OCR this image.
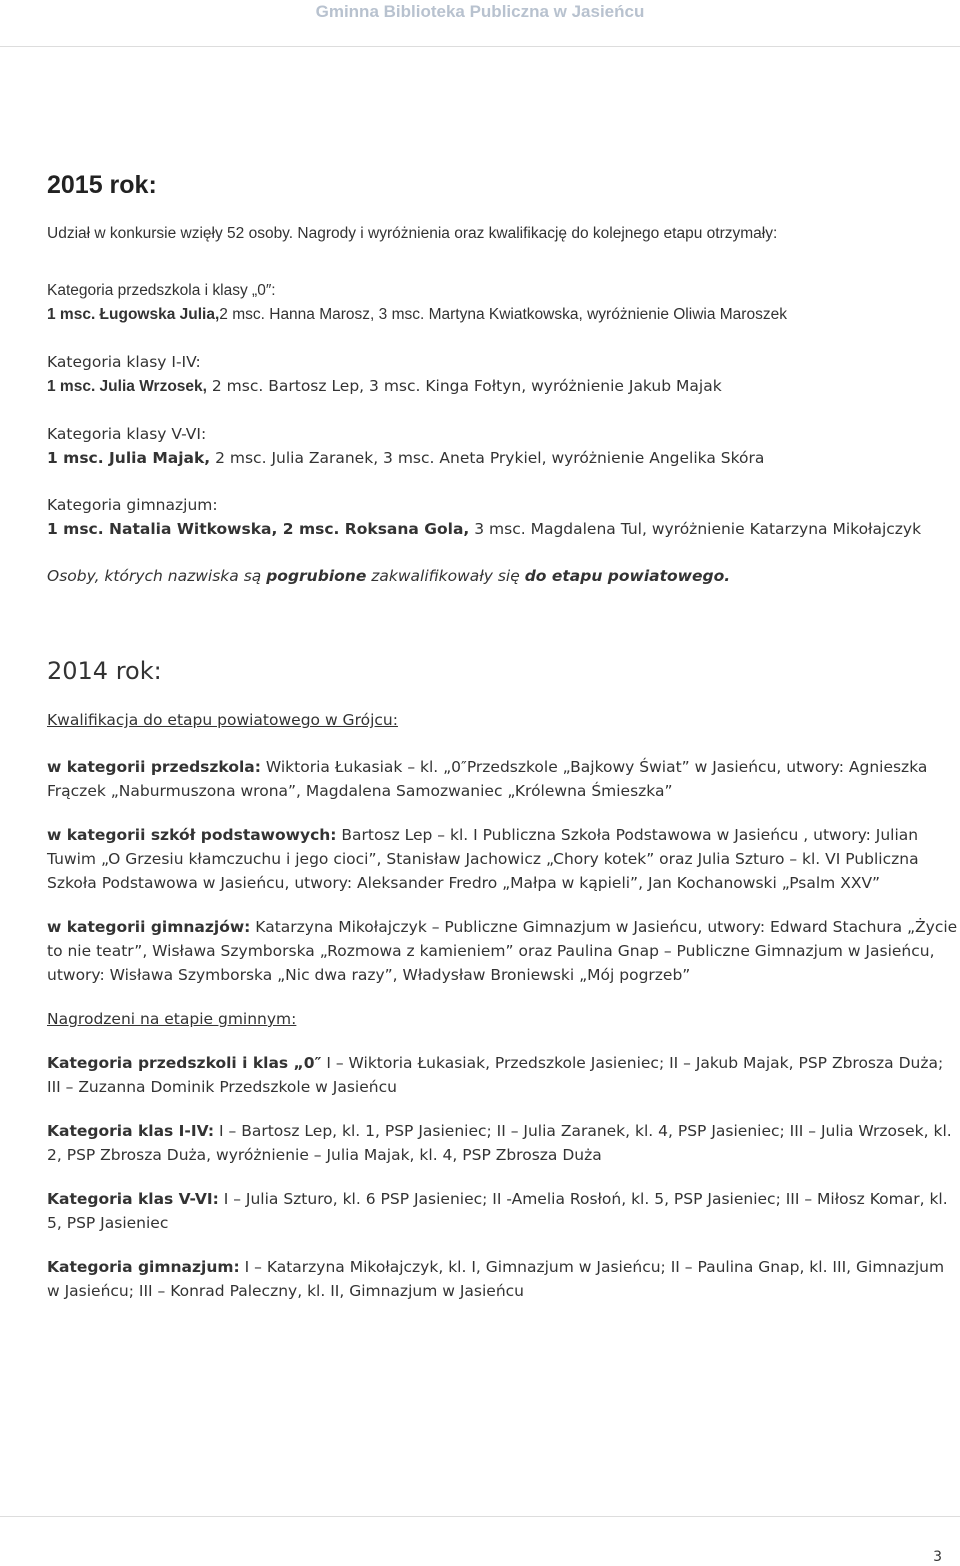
Gminna Biblioteka Publiczna w Jasieńcu
2015 rok:

Udział w konkursie wzięły 52 osoby. Nagrody i wyróżnienia oraz kwalifikację do kolejnego etapu otrzymały:

Kategoria przedszkola i klasy „0″:

1 msc. Ługowska Julia,2 msc. Hanna Marosz, 3 msc. Martyna Kwiatkowska, wyróżnienie Oliwia Maroszek

Kategoria klasy I-IV:

1 msc. Julia Wrzosek, 2 msc. Bartosz Lep, 3 msc. Kinga Fołtyn, wyróżnienie Jakub Majak

Kategoria klasy V-VI:

1 msc. Julia Majak, 2 msc. Julia Zaranek, 3 msc. Aneta Prykiel, wyróżnienie Angelika Skóra

Kategoria gimnazjum:

1 msc. Natalia Witkowska, 2 msc. Roksana Gola, 3 msc. Magdalena Tul, wyróżnienie Katarzyna Mikołajczyk

Osoby, których nazwiska są pogrubione zakwalifikowały się do etapu powiatowego.

2014 rok:

Kwalifikacja do etapu powiatowego w Grójcu:

w kategorii przedszkola: Wiktoria Łukasiak – kl. „0″Przedszkole „Bajkowy Świat” w Jasieńcu, utwory: Agnieszka Frączek „Naburmuszona wrona”, Magdalena Samozwaniec „Królewna Śmieszka”

w kategorii szkół podstawowych: Bartosz Lep – kl. I Publiczna Szkoła Podstawowa w Jasieńcu , utwory: Julian Tuwim „O Grzesiu kłamczuchu i jego cioci”, Stanisław Jachowicz „Chory kotek” oraz Julia Szturo – kl. VI Publiczna Szkoła Podstawowa w Jasieńcu, utwory: Aleksander Fredro „Małpa w kąpieli”, Jan Kochanowski „Psalm XXV”

w kategorii gimnazjów: Katarzyna Mikołajczyk – Publiczne Gimnazjum w Jasieńcu, utwory: Edward Stachura „Życie to nie teatr”, Wisława Szymborska „Rozmowa z kamieniem” oraz Paulina Gnap – Publiczne Gimnazjum w Jasieńcu, utwory: Wisława Szymborska „Nic dwa razy”, Władysław Broniewski „Mój pogrzeb”

Nagrodzeni na etapie gminnym:

Kategoria przedszkoli i klas „0″ I – Wiktoria Łukasiak, Przedszkole Jasieniec; II – Jakub Majak, PSP Zbrosza Duża; III – Zuzanna Dominik Przedszkole w Jasieńcu

Kategoria klas I-IV: I – Bartosz Lep, kl. 1, PSP Jasieniec; II – Julia Zaranek, kl. 4, PSP Jasieniec; III – Julia Wrzosek, kl. 2, PSP Zbrosza Duża, wyróżnienie – Julia Majak, kl. 4, PSP Zbrosza Duża

Kategoria klas V-VI: I – Julia Szturo, kl. 6 PSP Jasieniec; II -Amelia Rosłoń, kl. 5, PSP Jasieniec; III – Miłosz Komar, kl. 5, PSP Jasieniec

Kategoria gimnazjum: I – Katarzyna Mikołajczyk, kl. I, Gimnazjum w Jasieńcu; II – Paulina Gnap, kl. III, Gimnazjum w Jasieńcu; III – Konrad Paleczny, kl. II, Gimnazjum w Jasieńcu

3
